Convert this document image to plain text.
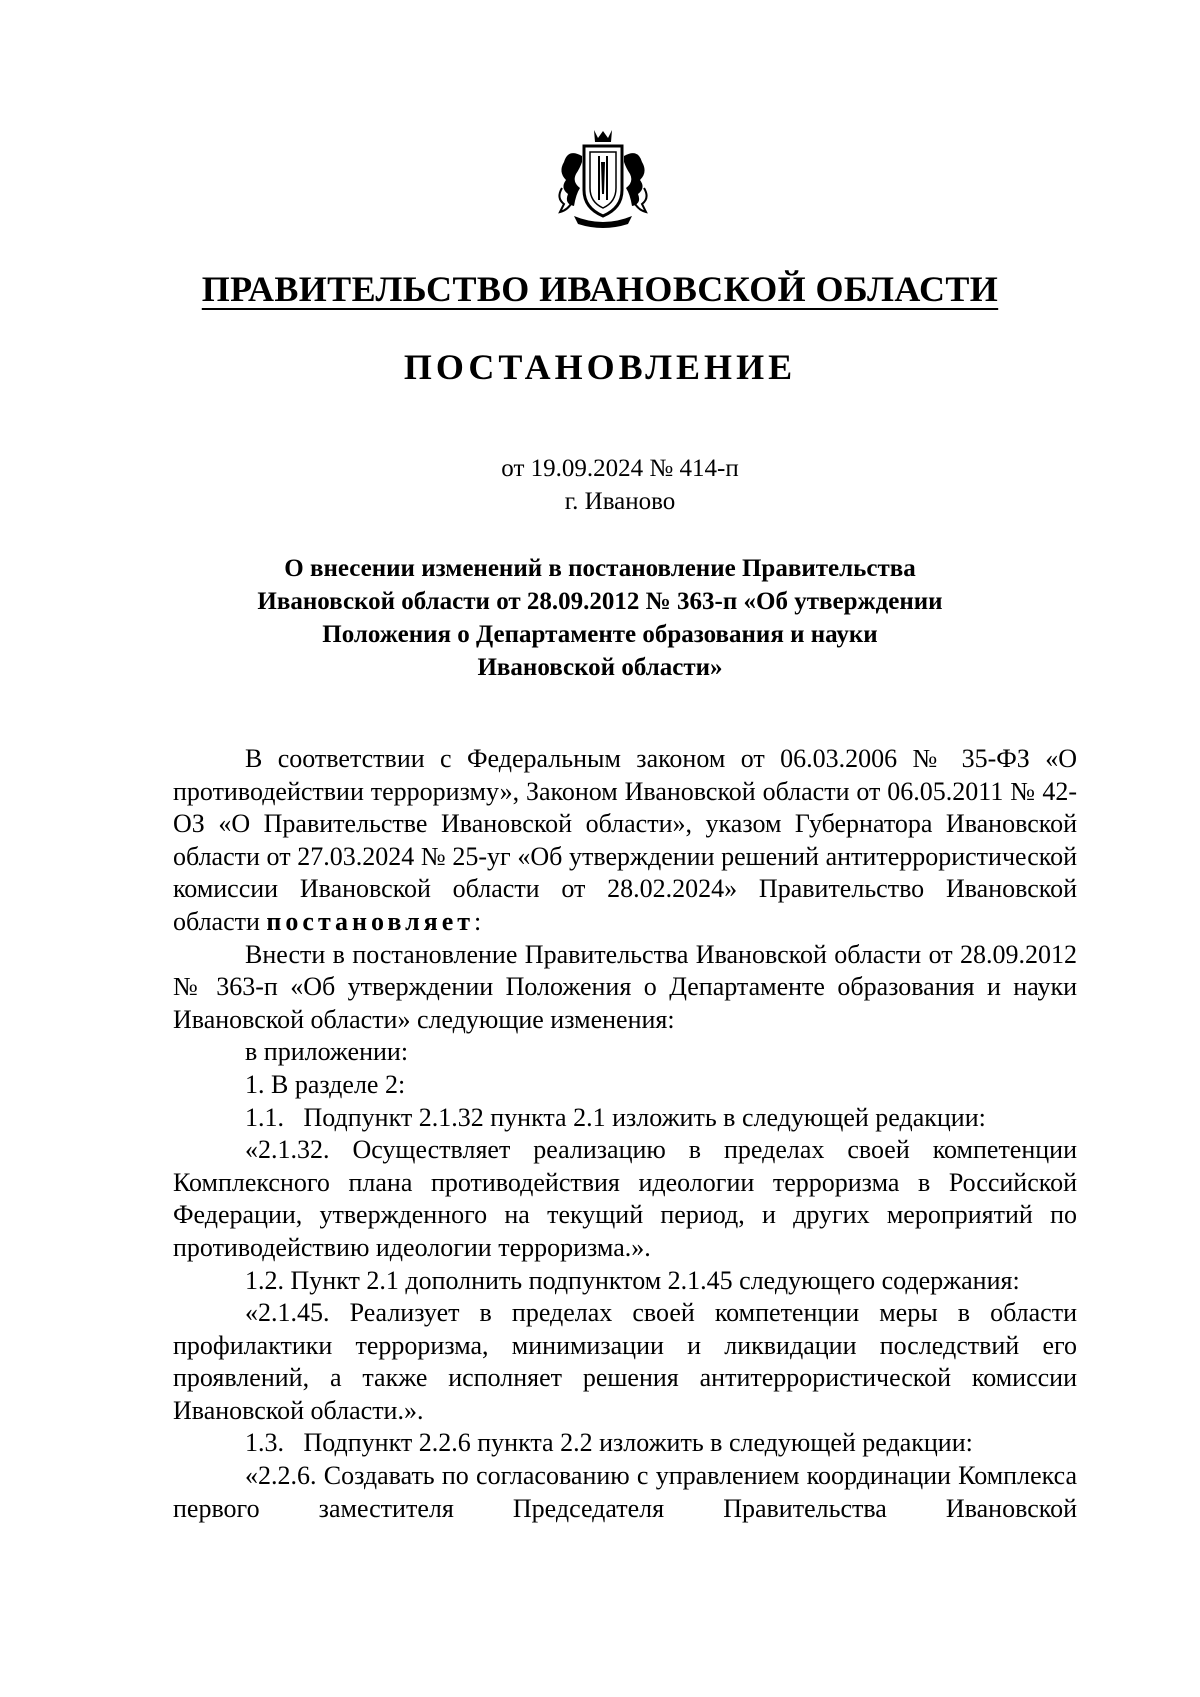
ПРАВИТЕЛЬСТВО ИВАНОВСКОЙ ОБЛАСТИ
ПОСТАНОВЛЕНИЕ
от 19.09.2024 № 414-п
г. Иваново
О внесении изменений в постановление Правительства
Ивановской области от 28.09.2012 № 363-п «Об утверждении
Положения о Департаменте образования и науки
Ивановской области»

В соответствии с Федеральным законом от 06.03.2006 № 35-ФЗ «О противодействии терроризму», Законом Ивановской области от 06.05.2011 № 42-ОЗ «О Правительстве Ивановской области», указом Губернатора Ивановской области от 27.03.2024 № 25-уг «Об утверждении решений антитеррористической комиссии Ивановской области от 28.02.2024» Правительство Ивановской области постановляет:

Внести в постановление Правительства Ивановской области от 28.09.2012 № 363-п «Об утверждении Положения о Департаменте образования и науки Ивановской области» следующие изменения:

в приложении:

1. В разделе 2:

1.1.   Подпункт 2.1.32 пункта 2.1 изложить в следующей редакции:

«2.1.32. Осуществляет реализацию в пределах своей компетенции Комплексного плана противодействия идеологии терроризма в Российской Федерации, утвержденного на текущий период, и других мероприятий по противодействию идеологии терроризма.».

1.2. Пункт 2.1 дополнить подпунктом 2.1.45 следующего содержания:

«2.1.45. Реализует в пределах своей компетенции меры в области профилактики терроризма, минимизации и ликвидации последствий его проявлений, а также исполняет решения антитеррористической комиссии Ивановской области.».

1.3.   Подпункт 2.2.6 пункта 2.2 изложить в следующей редакции:

«2.2.6. Создавать по согласованию с управлением координации Комплекса первого заместителя Председателя Правительства Ивановской
